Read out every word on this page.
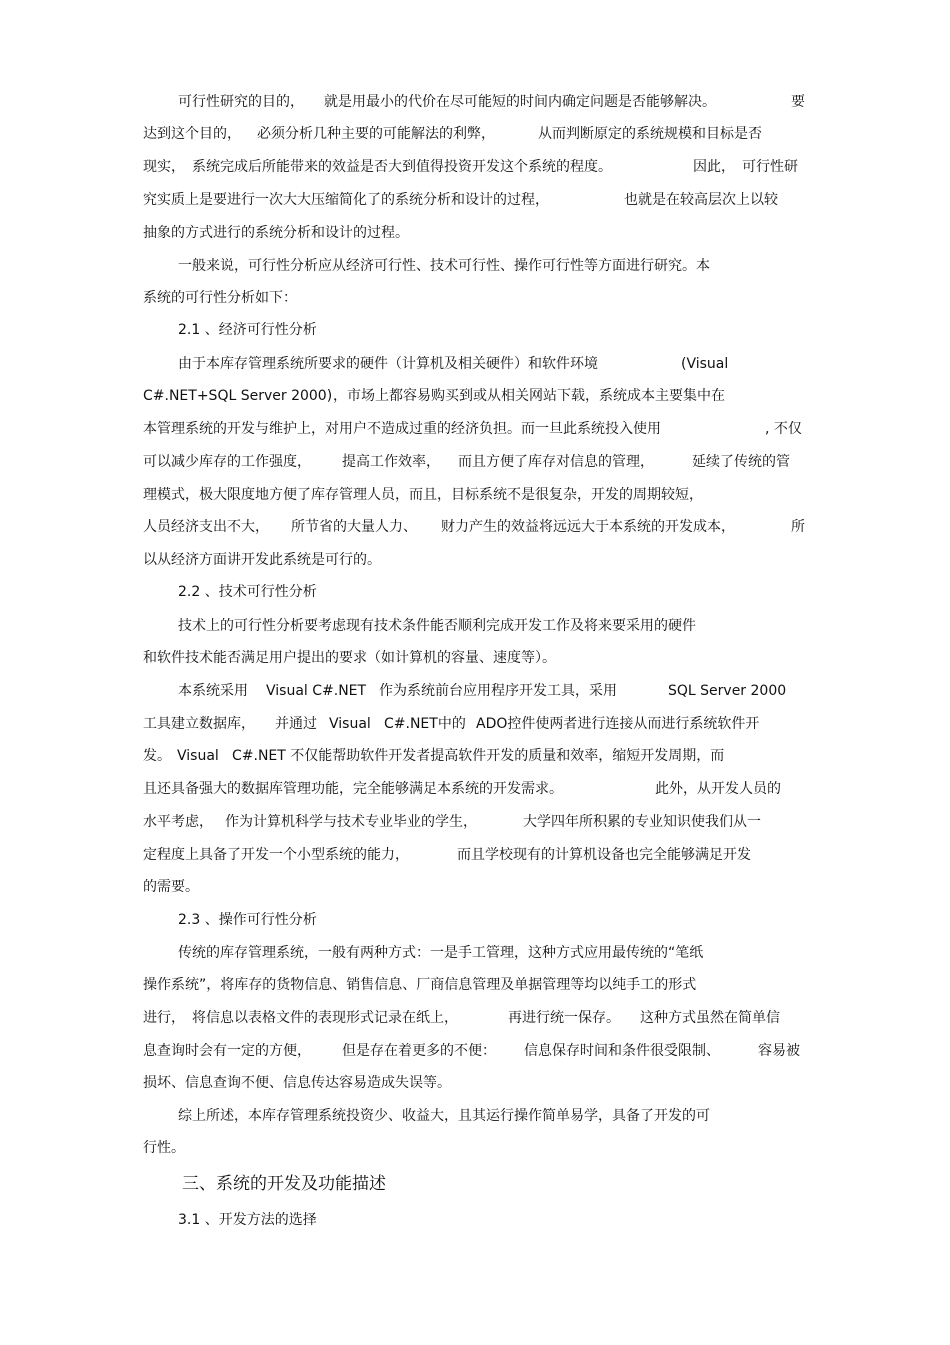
可行性研究的目的， 就是用最小的代价在尽可能短的时间内确定问题是否能够解决。	要
达到这个目的， 必须分析几种主要的可能解法的利弊，	从而判断原定的系统规模和目标是否
现实， 系统完成后所能带来的效益是否大到值得投资开发这个系统的程度。	因此， 可行性研
究实质上是要进行一次大大压缩简化了的系统分析和设计的过程，	也就是在较高层次上以较
抽象的方式进行的系统分析和设计的过程。
一般来说，可行性分析应从经济可行性、技术可行性、操作可行性等方面进行研究。本
系统的可行性分析如下：
2.1 、经济可行性分析
由于本库存管理系统所要求的硬件（计算机及相关硬件）和软件环境	(Visual
C#.NET+SQL Server 2000) ，市场上都容易购买到或从相关网站下载，系统成本主要集中在
本管理系统的开发与维护上，对用户不造成过重的经济负担。而一旦此系统投入使用	, 不仅
可以减少库存的工作强度， 提高工作效率， 而且方便了库存对信息的管理，	延续了传统的管
理模式，极大限度地方便了库存管理人员，而且，目标系统不是很复杂，开发的周期较短，
人员经济支出不大， 所节省的大量人力、 财力产生的效益将远远大于本系统的开发成本，	所
以从经济方面讲开发此系统是可行的。
2.2 、技术可行性分析
技术上的可行性分析要考虑现有技术条件能否顺利完成开发工作及将来要采用的硬件
和软件技术能否满足用户提出的要求（如计算机的容量、速度等）。
本系统采用 Visual C#.NET 作为系统前台应用程序开发工具，采用	SQL Server 2000
工具建立数据库， 并通过 Visual C#.NET中的 ADO控件使两者进行连接从而进行系统软件开
发。 Visual C#.NET 不仅能帮助软件开发者提高软件开发的质量和效率，缩短开发周期，而
且还具备强大的数据库管理功能，完全能够满足本系统的开发需求。	此外，从开发人员的
水平考虑， 作为计算机科学与技术专业毕业的学生，	大学四年所积累的专业知识使我们从一
定程度上具备了开发一个小型系统的能力，	而且学校现有的计算机设备也完全能够满足开发
的需要。
2.3 、操作可行性分析
传统的库存管理系统，一般有两种方式：一是手工管理，这种方式应用最传统的“笔纸
操作系统”，将库存的货物信息、销售信息、厂商信息管理及单据管理等均以纯手工的形式
进行， 将信息以表格文件的表现形式记录在纸上，	再进行统一保存。 这种方式虽然在简单信
息查询时会有一定的方便， 但是存在着更多的不便： 信息保存时间和条件很受限制、	容易被
损坏、信息查询不便、信息传达容易造成失误等。
综上所述，本库存管理系统投资少、收益大，且其运行操作简单易学，具备了开发的可
行性。
三、系统的开发及功能描述
3.1 、开发方法的选择
